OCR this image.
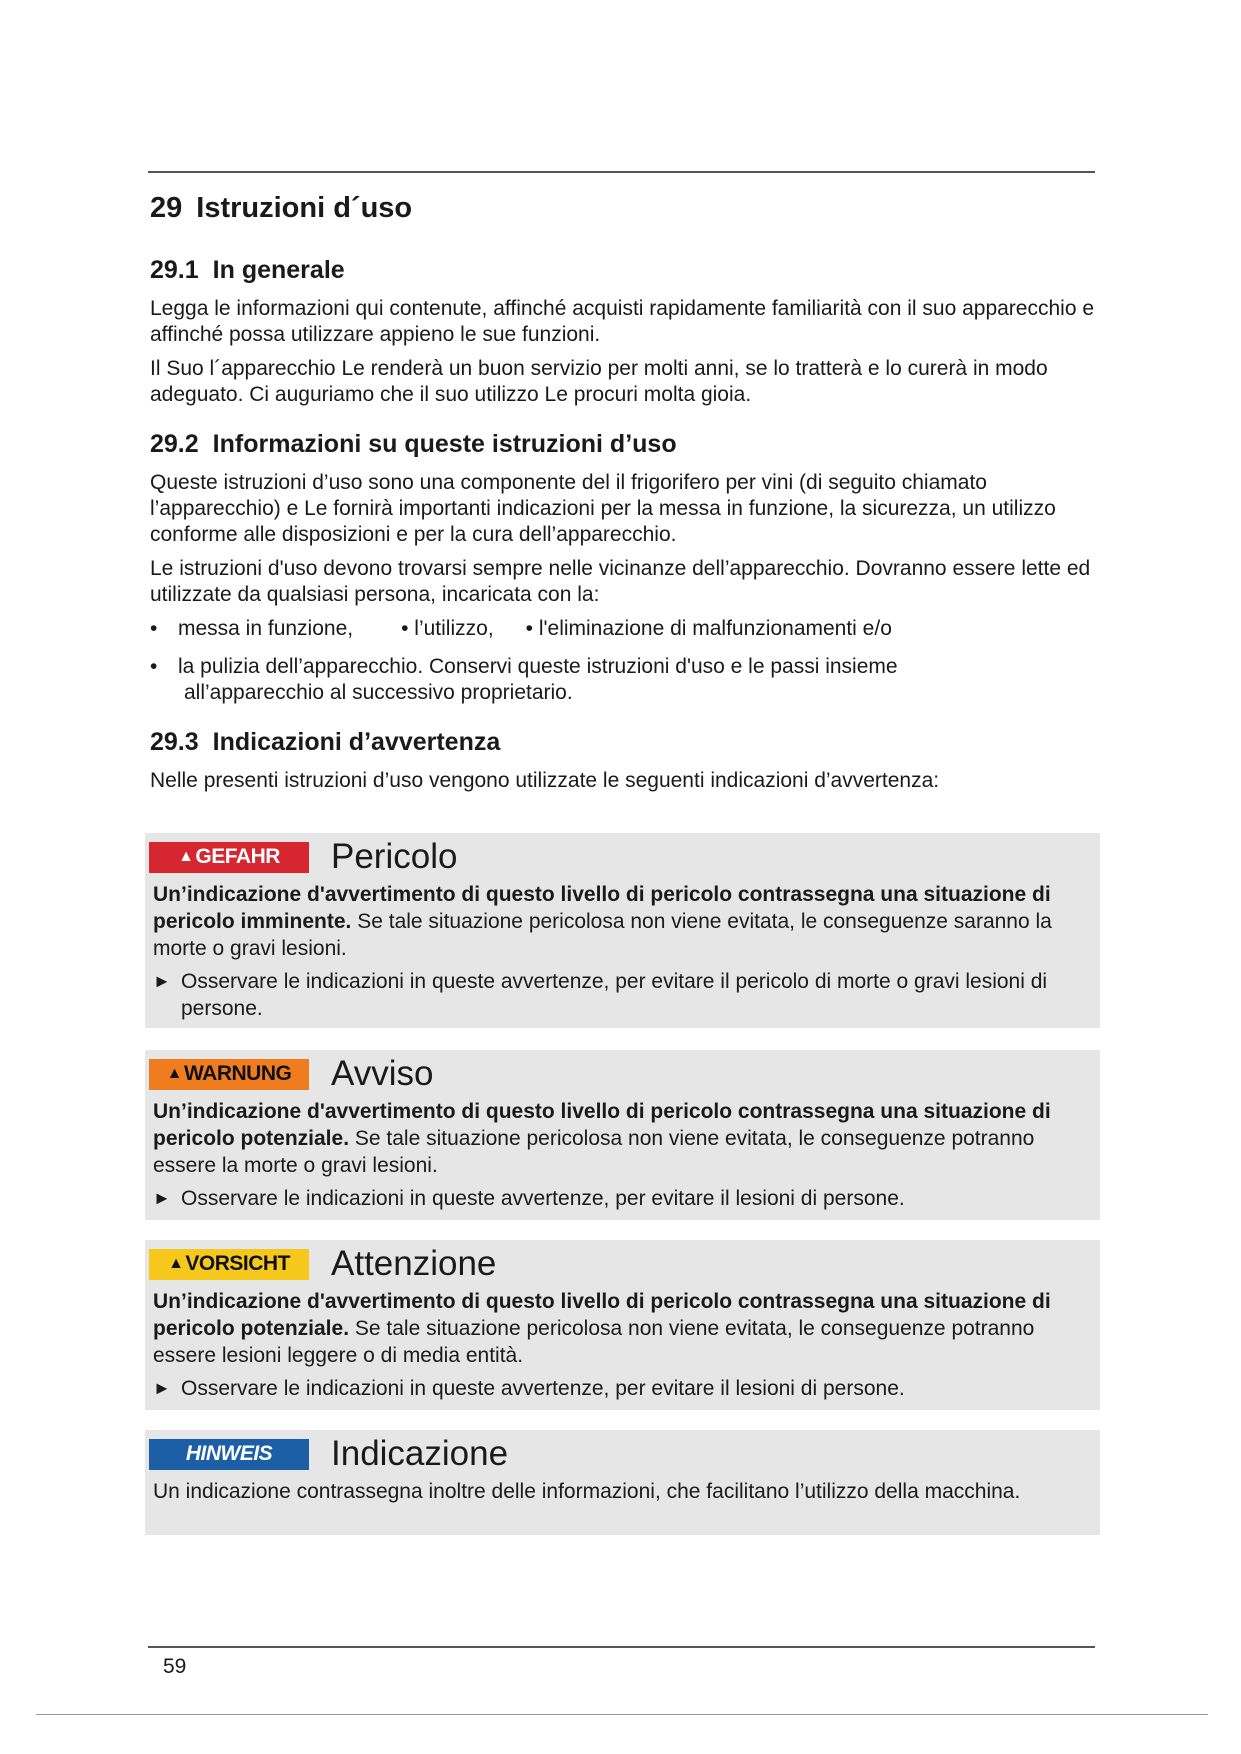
29 Istruzioni d´uso
29.1 In generale

Legga le informazioni qui contenute, affinché acquisti rapidamente familiarità con il suo apparecchio e affinché possa utilizzare appieno le sue funzioni.

Il Suo l´apparecchio Le renderà un buon servizio per molti anni, se lo tratterà e lo curerà in modo adeguato. Ci auguriamo che il suo utilizzo Le procuri molta gioia.

29.2 Informazioni su queste istruzioni d’uso

Queste istruzioni d’uso sono una componente del il frigorifero per vini (di seguito chiamato l’apparecchio) e Le fornirà importanti indicazioni per la messa in funzione, la sicurezza, un utilizzo conforme alle disposizioni e per la cura dell’apparecchio.

Le istruzioni d'uso devono trovarsi sempre nelle vicinanze dell’apparecchio. Dovranno essere lette ed utilizzate da qualsiasi persona, incaricata con la:

• messa in funzione, • l’utilizzo, • l'eliminazione di malfunzionamenti e/o
• la pulizia dell’apparecchio. Conservi queste istruzioni d'uso e le passi insieme
all’apparecchio al successivo proprietario.
29.3 Indicazioni d’avvertenza

Nelle presenti istruzioni d’uso vengono utilizzate le seguenti indicazioni d’avvertenza:

▲ GEFAHR Pericolo

Un’indicazione d'avvertimento di questo livello di pericolo contrassegna una situazione di pericolo imminente. Se tale situazione pericolosa non viene evitata, le conseguenze saranno la morte o gravi lesioni.

► Osservare le indicazioni in queste avvertenze, per evitare il pericolo di morte o gravi lesioni di persone.

▲ WARNUNG Avviso

Un’indicazione d'avvertimento di questo livello di pericolo contrassegna una situazione di pericolo potenziale. Se tale situazione pericolosa non viene evitata, le conseguenze potranno essere la morte o gravi lesioni.

► Osservare le indicazioni in queste avvertenze, per evitare il lesioni di persone.

▲ VORSICHT Attenzione

Un’indicazione d'avvertimento di questo livello di pericolo contrassegna una situazione di pericolo potenziale. Se tale situazione pericolosa non viene evitata, le conseguenze potranno essere lesioni leggere o di media entità.

► Osservare le indicazioni in queste avvertenze, per evitare il lesioni di persone.

HINWEIS	Indicazione

Un indicazione contrassegna inoltre delle informazioni, che facilitano l’utilizzo della macchina.

59
